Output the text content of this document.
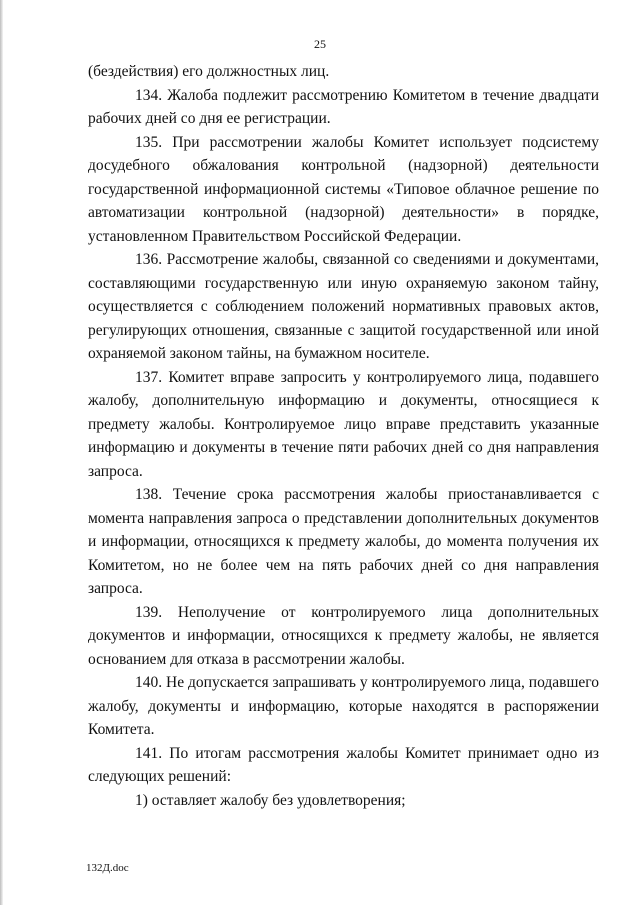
25

(бездействия) его должностных лиц.

134. Жалоба подлежит рассмотрению Комитетом в течение двадцати рабочих дней со дня ее регистрации.

135. При рассмотрении жалобы Комитет использует подсистему досудебного обжалования контрольной (надзорной) деятельности государственной информационной системы «Типовое облачное решение по автоматизации контрольной (надзорной) деятельности» в порядке, установленном Правительством Российской Федерации.

136. Рассмотрение жалобы, связанной со сведениями и документами, составляющими государственную или иную охраняемую законом тайну, осуществляется с соблюдением положений нормативных правовых актов, регулирующих отношения, связанные с защитой государственной или иной охраняемой законом тайны, на бумажном носителе.

137. Комитет вправе запросить у контролируемого лица, подавшего жалобу, дополнительную информацию и документы, относящиеся к предмету жалобы. Контролируемое лицо вправе представить указанные информацию и документы в течение пяти рабочих дней со дня направления запроса.

138. Течение срока рассмотрения жалобы приостанавливается с момента направления запроса о представлении дополнительных документов и информации, относящихся к предмету жалобы, до момента получения их Комитетом, но не более чем на пять рабочих дней со дня направления запроса.

139. Неполучение от контролируемого лица дополнительных документов и информации, относящихся к предмету жалобы, не является основанием для отказа в рассмотрении жалобы.

140. Не допускается запрашивать у контролируемого лица, подавшего жалобу, документы и информацию, которые находятся в распоряжении Комитета.

141. По итогам рассмотрения жалобы Комитет принимает одно из следующих решений:

1) оставляет жалобу без удовлетворения;

132Д.doc
